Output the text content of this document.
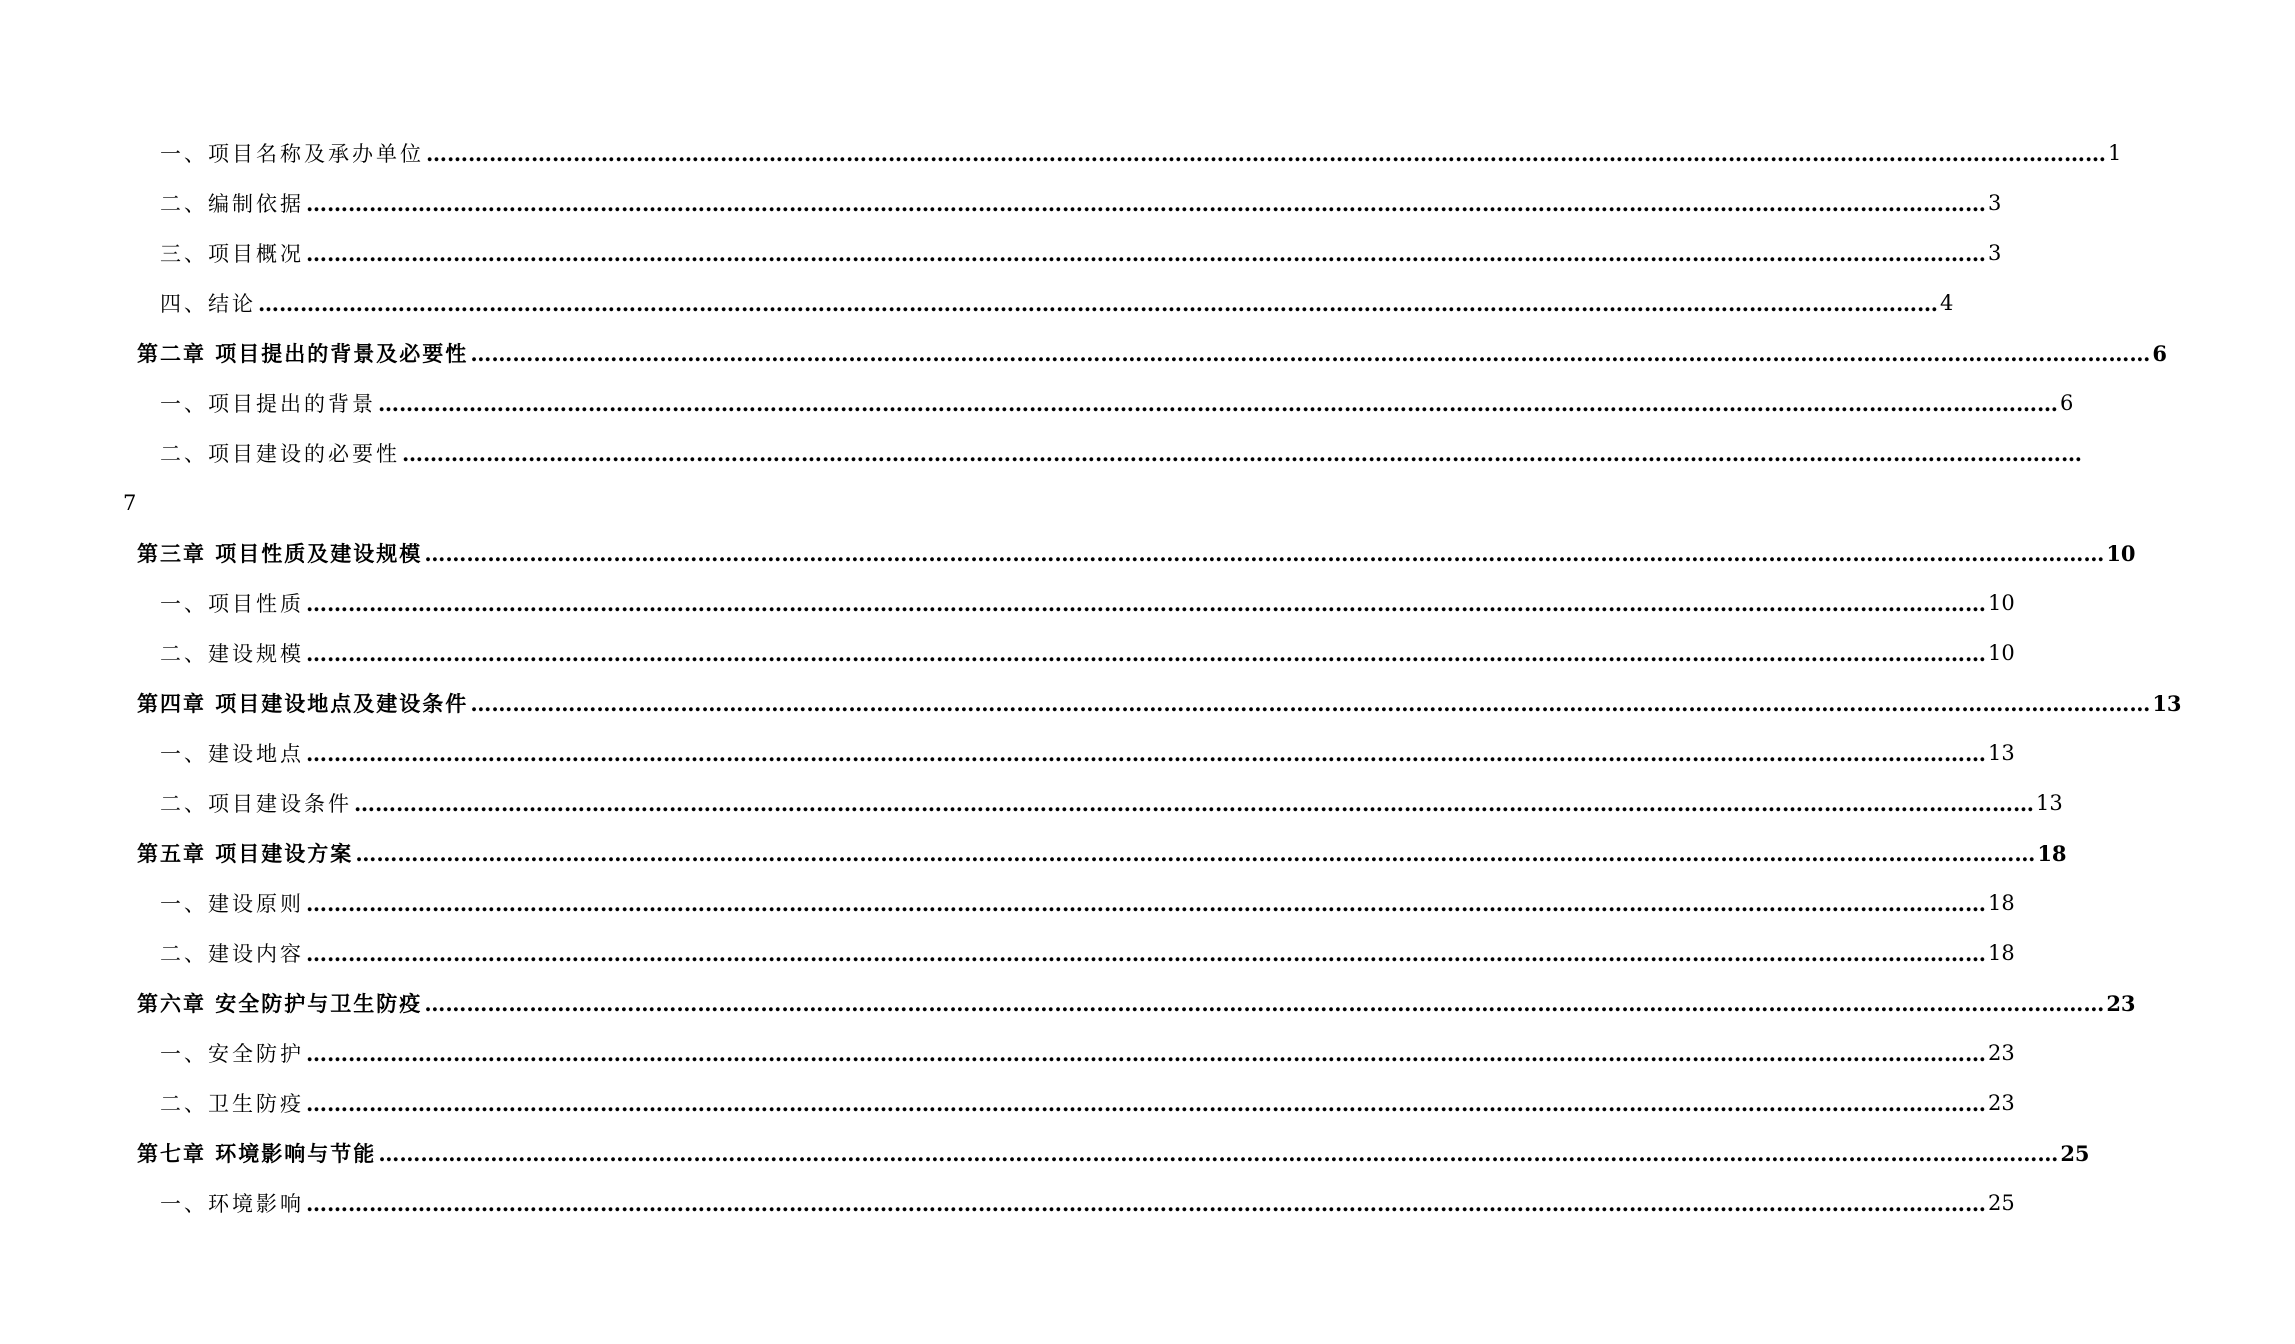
一、项目名称及承办单位 …………………………………………………………………………………………………………………………………………………………………………………………………………………… 1
二、编制依据 …………………………………………………………………………………………………………………………………………………………………………………………………………………… 3
三、项目概况 …………………………………………………………………………………………………………………………………………………………………………………………………………………… 3
四、结论 …………………………………………………………………………………………………………………………………………………………………………………………………………………… 4
第二章 项目提出的背景及必要性 …………………………………………………………………………………………………………………………………………………………………………………………………………………… 6
一、项目提出的背景 …………………………………………………………………………………………………………………………………………………………………………………………………………………… 6
二、项目建设的必要性 ……………………………………………………………………………………………………………………………………………………………………………………………………………………
7
第三章 项目性质及建设规模 …………………………………………………………………………………………………………………………………………………………………………………………………………………… 10
一、项目性质 …………………………………………………………………………………………………………………………………………………………………………………………………………………… 10
二、建设规模 …………………………………………………………………………………………………………………………………………………………………………………………………………………… 10
第四章 项目建设地点及建设条件 …………………………………………………………………………………………………………………………………………………………………………………………………………………… 13
一、建设地点 …………………………………………………………………………………………………………………………………………………………………………………………………………………… 13
二、项目建设条件 …………………………………………………………………………………………………………………………………………………………………………………………………………………… 13
第五章 项目建设方案 …………………………………………………………………………………………………………………………………………………………………………………………………………………… 18
一、建设原则 …………………………………………………………………………………………………………………………………………………………………………………………………………………… 18
二、建设内容 …………………………………………………………………………………………………………………………………………………………………………………………………………………… 18
第六章 安全防护与卫生防疫 …………………………………………………………………………………………………………………………………………………………………………………………………………………… 23
一、安全防护 …………………………………………………………………………………………………………………………………………………………………………………………………………………… 23
二、卫生防疫 …………………………………………………………………………………………………………………………………………………………………………………………………………………… 23
第七章 环境影响与节能 …………………………………………………………………………………………………………………………………………………………………………………………………………………… 25
一、环境影响 …………………………………………………………………………………………………………………………………………………………………………………………………………………… 25
